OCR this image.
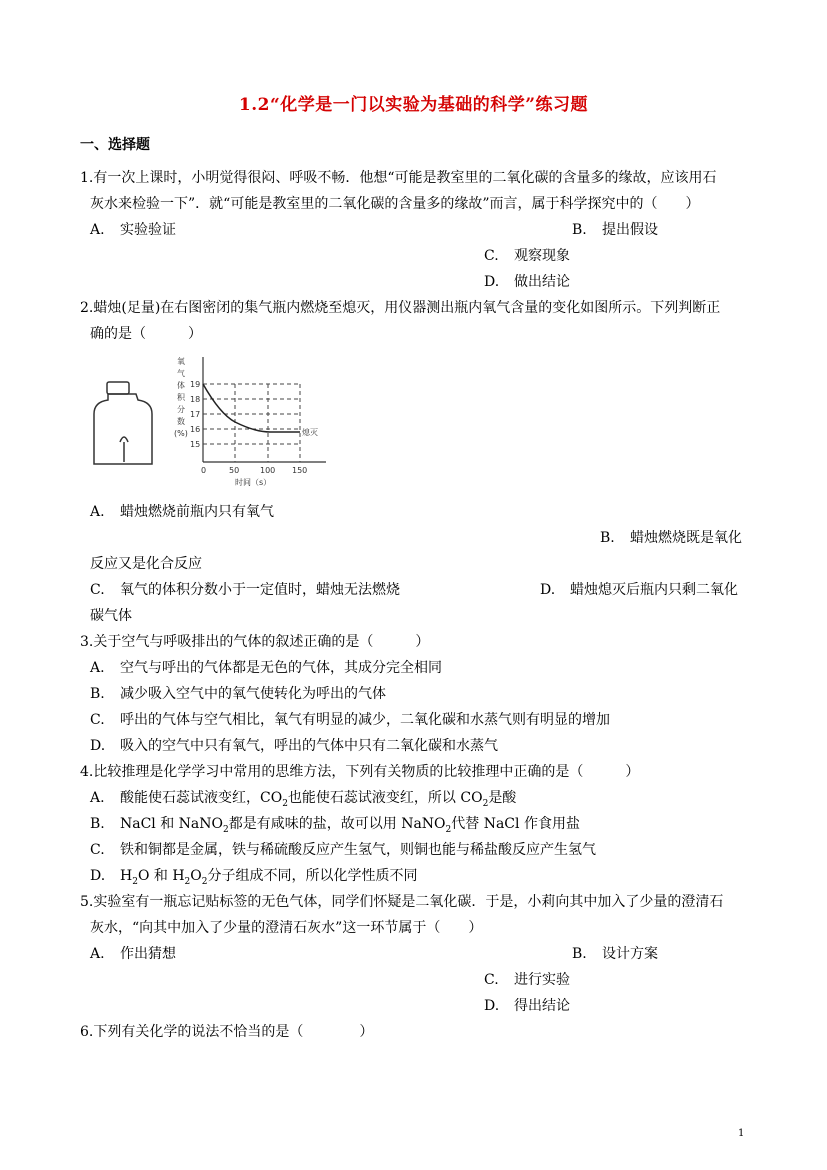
1.2“化学是一门以实验为基础的科学”练习题
一、选择题
1.有一次上课时，小明觉得很闷、呼吸不畅．他想“可能是教室里的二氧化碳的含量多的缘故，应该用石
灰水来检验一下”．就“可能是教室里的二氧化碳的含量多的缘故”而言，属于科学探究中的（　　）
A. 实验验证	B. 提出假设
C. 观察现象
D. 做出结论
2.蜡烛(足量)在右图密闭的集气瓶内燃烧至熄灭，用仪器测出瓶内氧气含量的变化如图所示。下列判断正
确的是（　　　）
氧
气
体
积
分
数
(%)
19
18
17
16
15
0	50	100 150
时间（s）
熄灭
A. 蜡烛燃烧前瓶内只有氧气
B. 蜡烛燃烧既是氧化
反应又是化合反应
C. 氧气的体积分数小于一定值时，蜡烛无法燃烧	D. 蜡烛熄灭后瓶内只剩二氧化
碳气体
3.关于空气与呼吸排出的气体的叙述正确的是（　　　）
A. 空气与呼出的气体都是无色的气体，其成分完全相同
B. 减少吸入空气中的氧气使转化为呼出的气体
C. 呼出的气体与空气相比，氧气有明显的减少，二氧化碳和水蒸气则有明显的增加
D. 吸入的空气中只有氧气，呼出的气体中只有二氧化碳和水蒸气
4.比较推理是化学学习中常用的思维方法，下列有关物质的比较推理中正确的是（　　　）
A. 酸能使石蕊试液变红，$CO_2$也能使石蕊试液变红，所以 $CO_2$是酸
B. NaCl 和 NaNO$_2$都是有咸味的盐，故可以用 NaNO$_2$代替 NaCl 作食用盐
C. 铁和铜都是金属，铁与稀硫酸反应产生氢气，则铜也能与稀盐酸反应产生氢气
D. $H_2O$ 和 $H_2O_2$分子组成不同，所以化学性质不同
5.实验室有一瓶忘记贴标签的无色气体，同学们怀疑是二氧化碳．于是，小莉向其中加入了少量的澄清石
灰水，“向其中加入了少量的澄清石灰水”这一环节属于（　　）
A. 作出猜想	B. 设计方案
C. 进行实验
D. 得出结论
6.下列有关化学的说法不恰当的是（　　　　）
1
